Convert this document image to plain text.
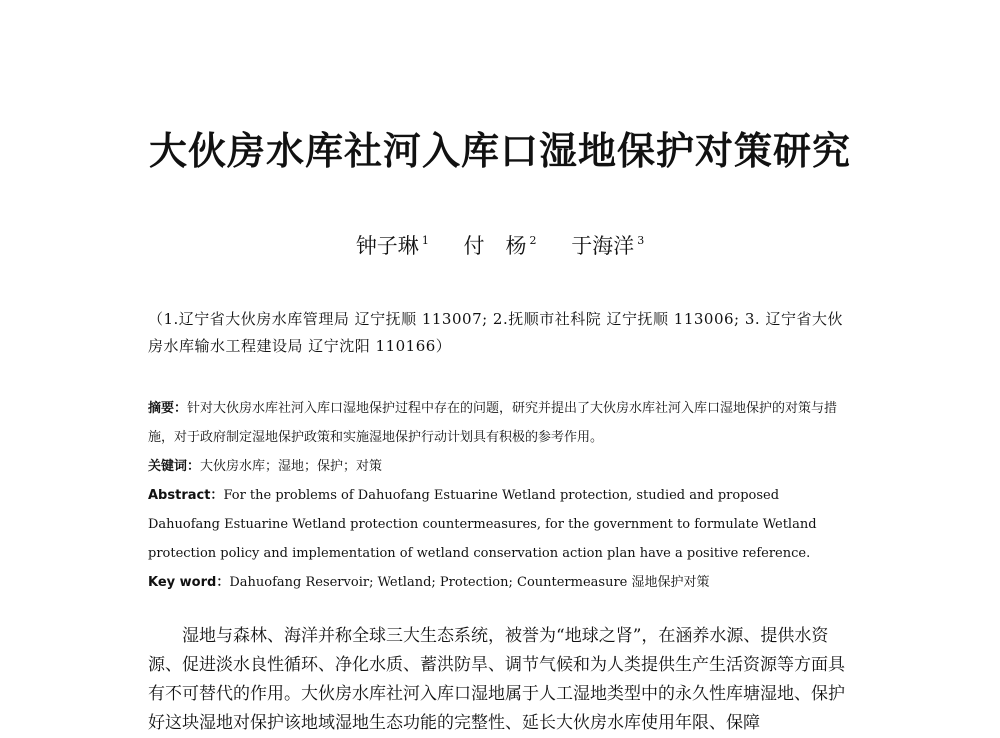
大伙房水库社河入库口湿地保护对策研究
钟子琳 $^1$ 付　杨 $^2$ 于海洋 $^3$
（1.辽宁省大伙房水库管理局 辽宁抚顺 113007; 2.抚顺市社科院 辽宁抚顺 113006; 3. 辽宁省大伙房水库输水工程建设局 辽宁沈阳 110166）

摘要：针对大伙房水库社河入库口湿地保护过程中存在的问题，研究并提出了大伙房水库社河入库口湿地保护的对策与措施，对于政府制定湿地保护政策和实施湿地保护行动计划具有积极的参考作用。

关键词：大伙房水库；湿地；保护；对策

Abstract：For the problems of Dahuofang Estuarine Wetland protection, studied and proposed Dahuofang Estuarine Wetland protection countermeasures, for the government to formulate Wetland protection policy and implementation of wetland conservation action plan have a positive reference.

Key word：Dahuofang Reservoir; Wetland; Protection; Countermeasure 湿地保护对策

湿地与森林、海洋并称全球三大生态系统，被誉为“地球之肾”，在涵养水源、提供水资源、促进淡水良性循环、净化水质、蓄洪防旱、调节气候和为人类提供生产生活资源等方面具有不可替代的作用。大伙房水库社河入库口湿地属于人工湿地类型中的永久性库塘湿地、保护好这块湿地对保护该地域湿地生态功能的完整性、延长大伙房水库使用年限、保障
